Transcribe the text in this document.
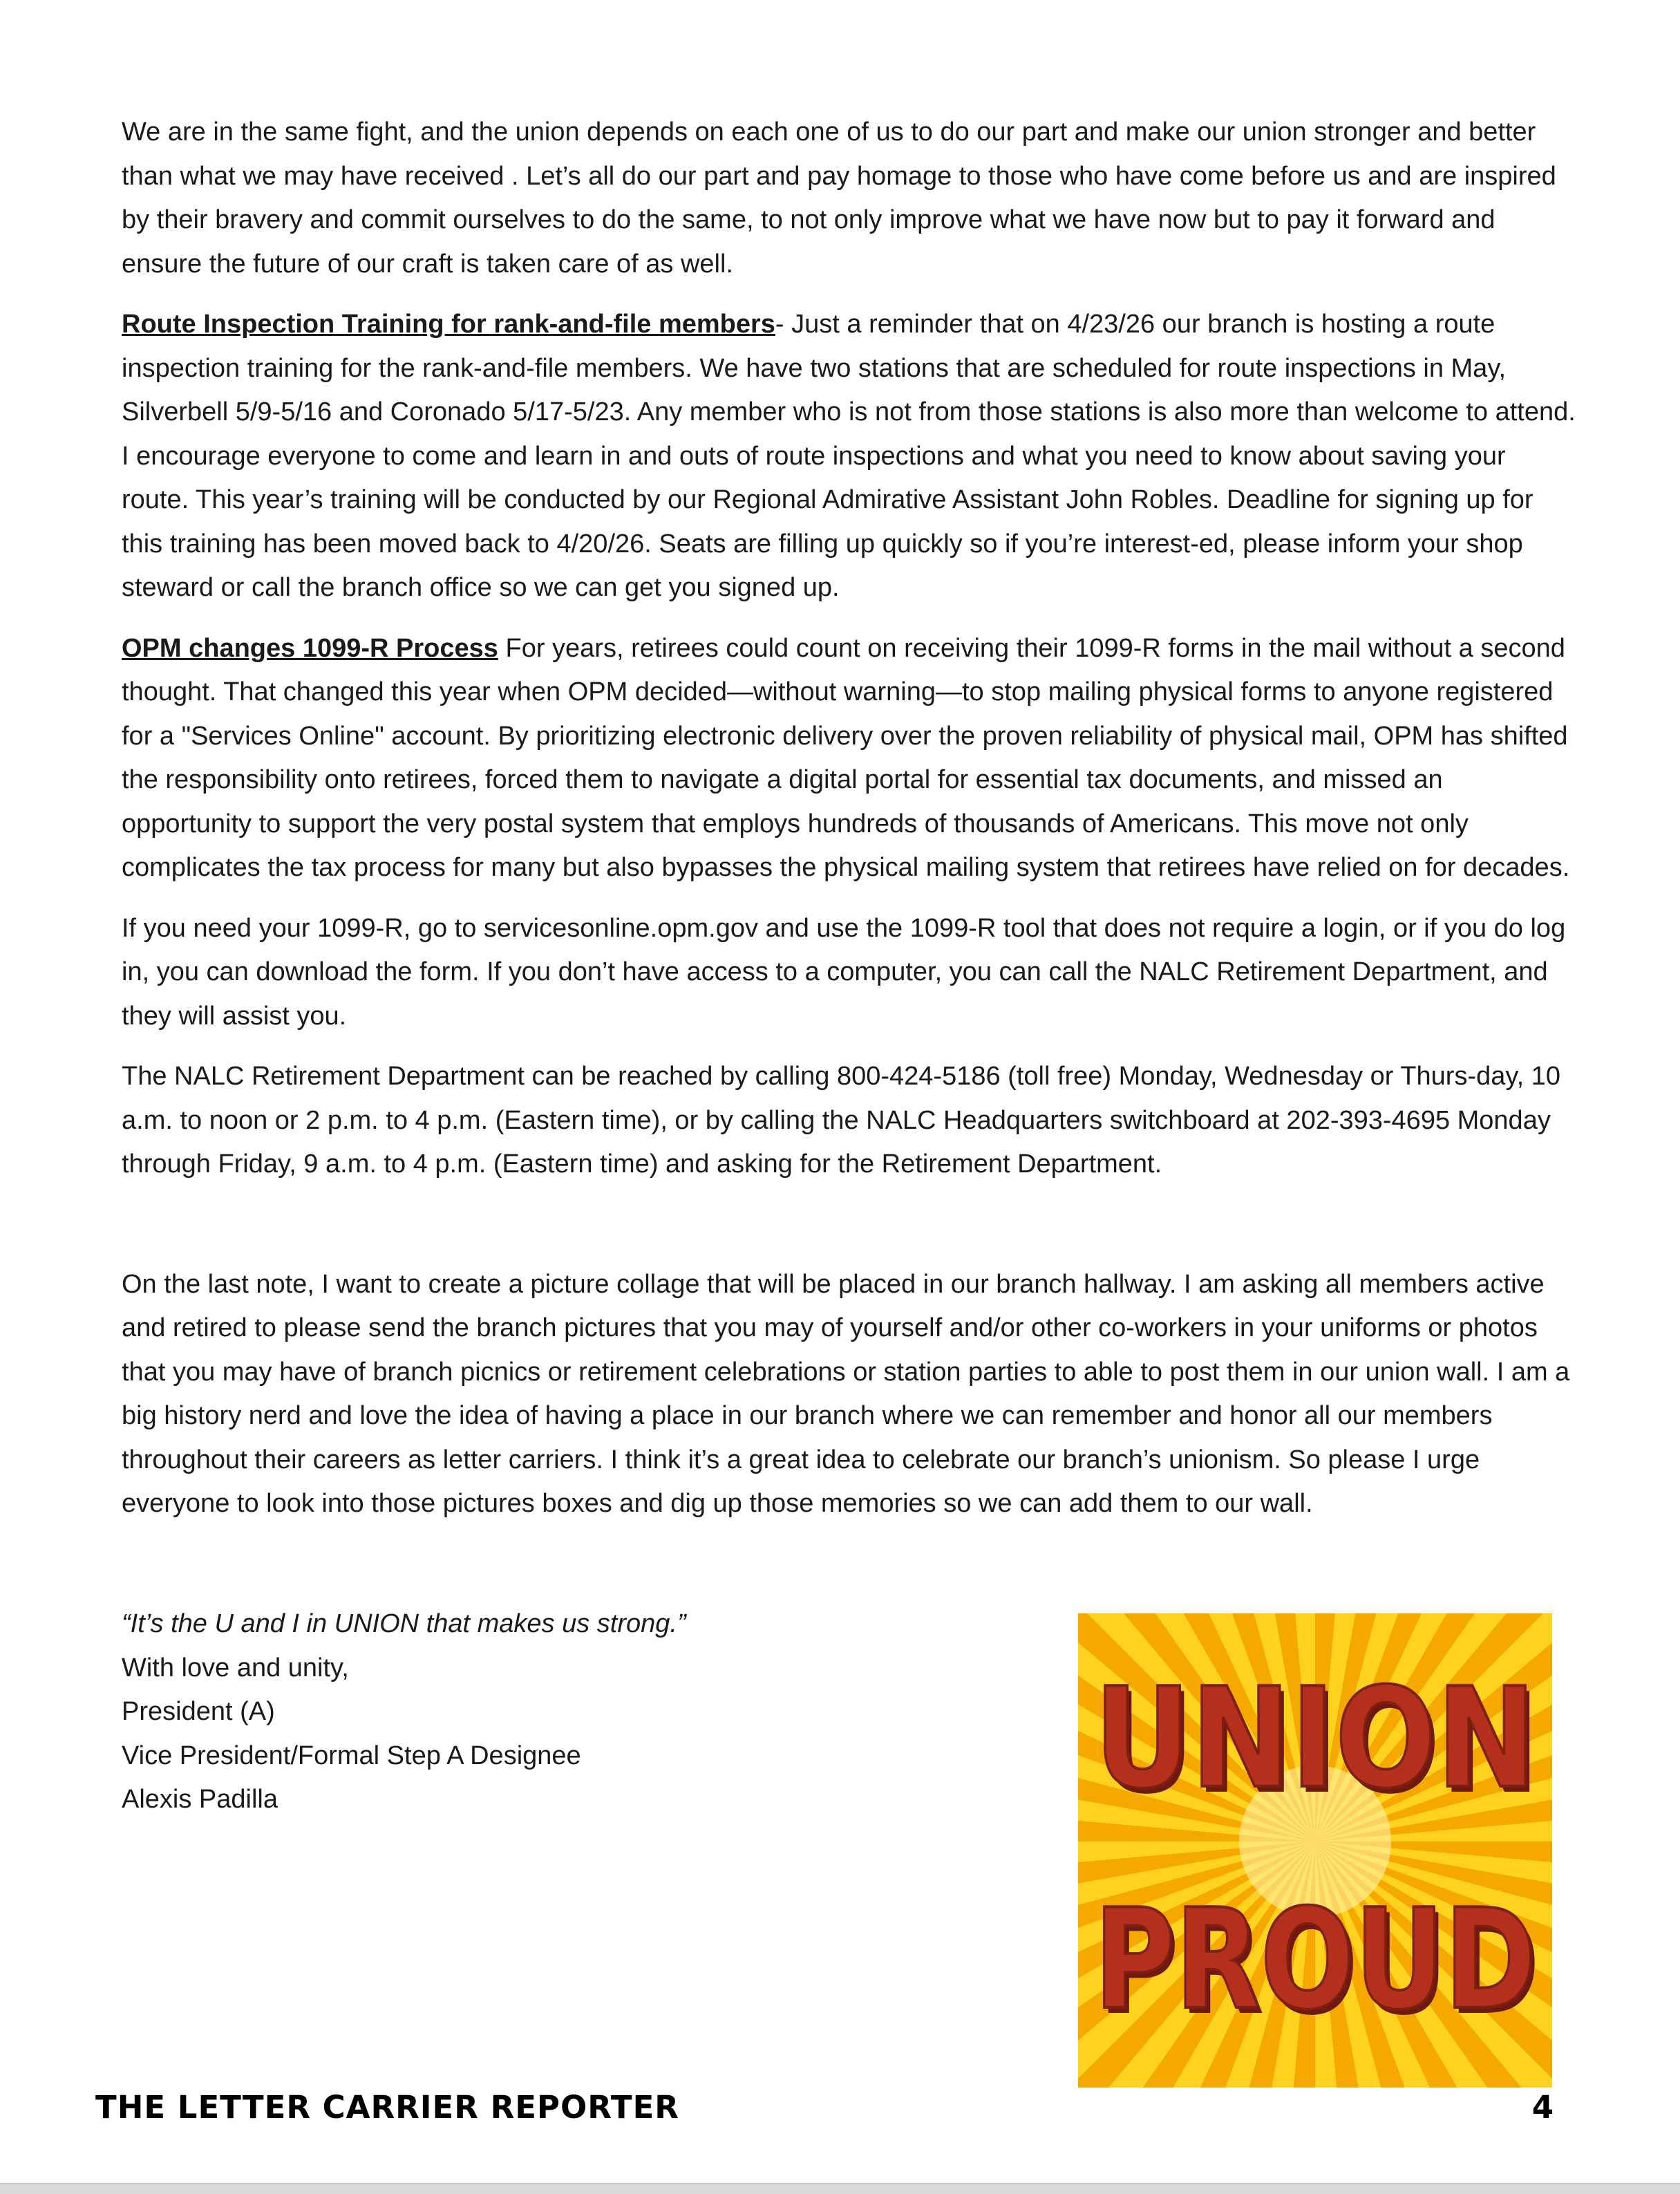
We are in the same fight, and the union depends on each one of us to do our part and make our union stronger and better than what we may have received . Let’s all do our part and pay homage to those who have come before us and are inspired by their bravery and commit ourselves to do the same, to not only improve what we have now but to pay it forward and ensure the future of our craft is taken care of as well.

Route Inspection Training for rank-and-file members- Just a reminder that on 4/23/26 our branch is hosting a route inspection training for the rank-and-file members. We have two stations that are scheduled for route inspections in May, Silverbell 5/9-5/16 and Coronado 5/17-5/23. Any member who is not from those stations is also more than welcome to attend. I encourage everyone to come and learn in and outs of route inspections and what you need to know about saving your route. This year’s training will be conducted by our Regional Admirative Assistant John Robles. Deadline for signing up for this training has been moved back to 4/20/26. Seats are filling up quickly so if you’re interest-ed, please inform your shop steward or call the branch office so we can get you signed up.

OPM changes 1099-R Process For years, retirees could count on receiving their 1099-R forms in the mail without a second thought. That changed this year when OPM decided—without warning—to stop mailing physical forms to anyone registered for a "Services Online" account. By prioritizing electronic delivery over the proven reliability of physical mail, OPM has shifted the responsibility onto retirees, forced them to navigate a digital portal for essential tax documents, and missed an opportunity to support the very postal system that employs hundreds of thousands of Americans. This move not only complicates the tax process for many but also bypasses the physical mailing system that retirees have relied on for decades.

If you need your 1099-R, go to servicesonline.opm.gov and use the 1099-R tool that does not require a login, or if you do log in, you can download the form. If you don’t have access to a computer, you can call the NALC Retirement Department, and they will assist you.

The NALC Retirement Department can be reached by calling 800-424-5186 (toll free) Monday, Wednesday or Thurs-day, 10 a.m. to noon or 2 p.m. to 4 p.m. (Eastern time), or by calling the NALC Headquarters switchboard at 202-393-4695 Monday through Friday, 9 a.m. to 4 p.m. (Eastern time) and asking for the Retirement Department.

On the last note, I want to create a picture collage that will be placed in our branch hallway. I am asking all members active and retired to please send the branch pictures that you may of yourself and/or other co-workers in your uniforms or photos that you may have of branch picnics or retirement celebrations or station parties to able to post them in our union wall. I am a big history nerd and love the idea of having a place in our branch where we can remember and honor all our members throughout their careers as letter carriers. I think it’s a great idea to celebrate our branch’s unionism. So please I urge everyone to look into those pictures boxes and dig up those memories so we can add them to our wall.

“It’s the U and I in UNION that makes us strong.”
With love and unity,
President (A)
Vice President/Formal Step A Designee
Alexis Padilla	UNION
UNION
PROUD
PROUD
THE LETTER CARRIER REPORTER	4
